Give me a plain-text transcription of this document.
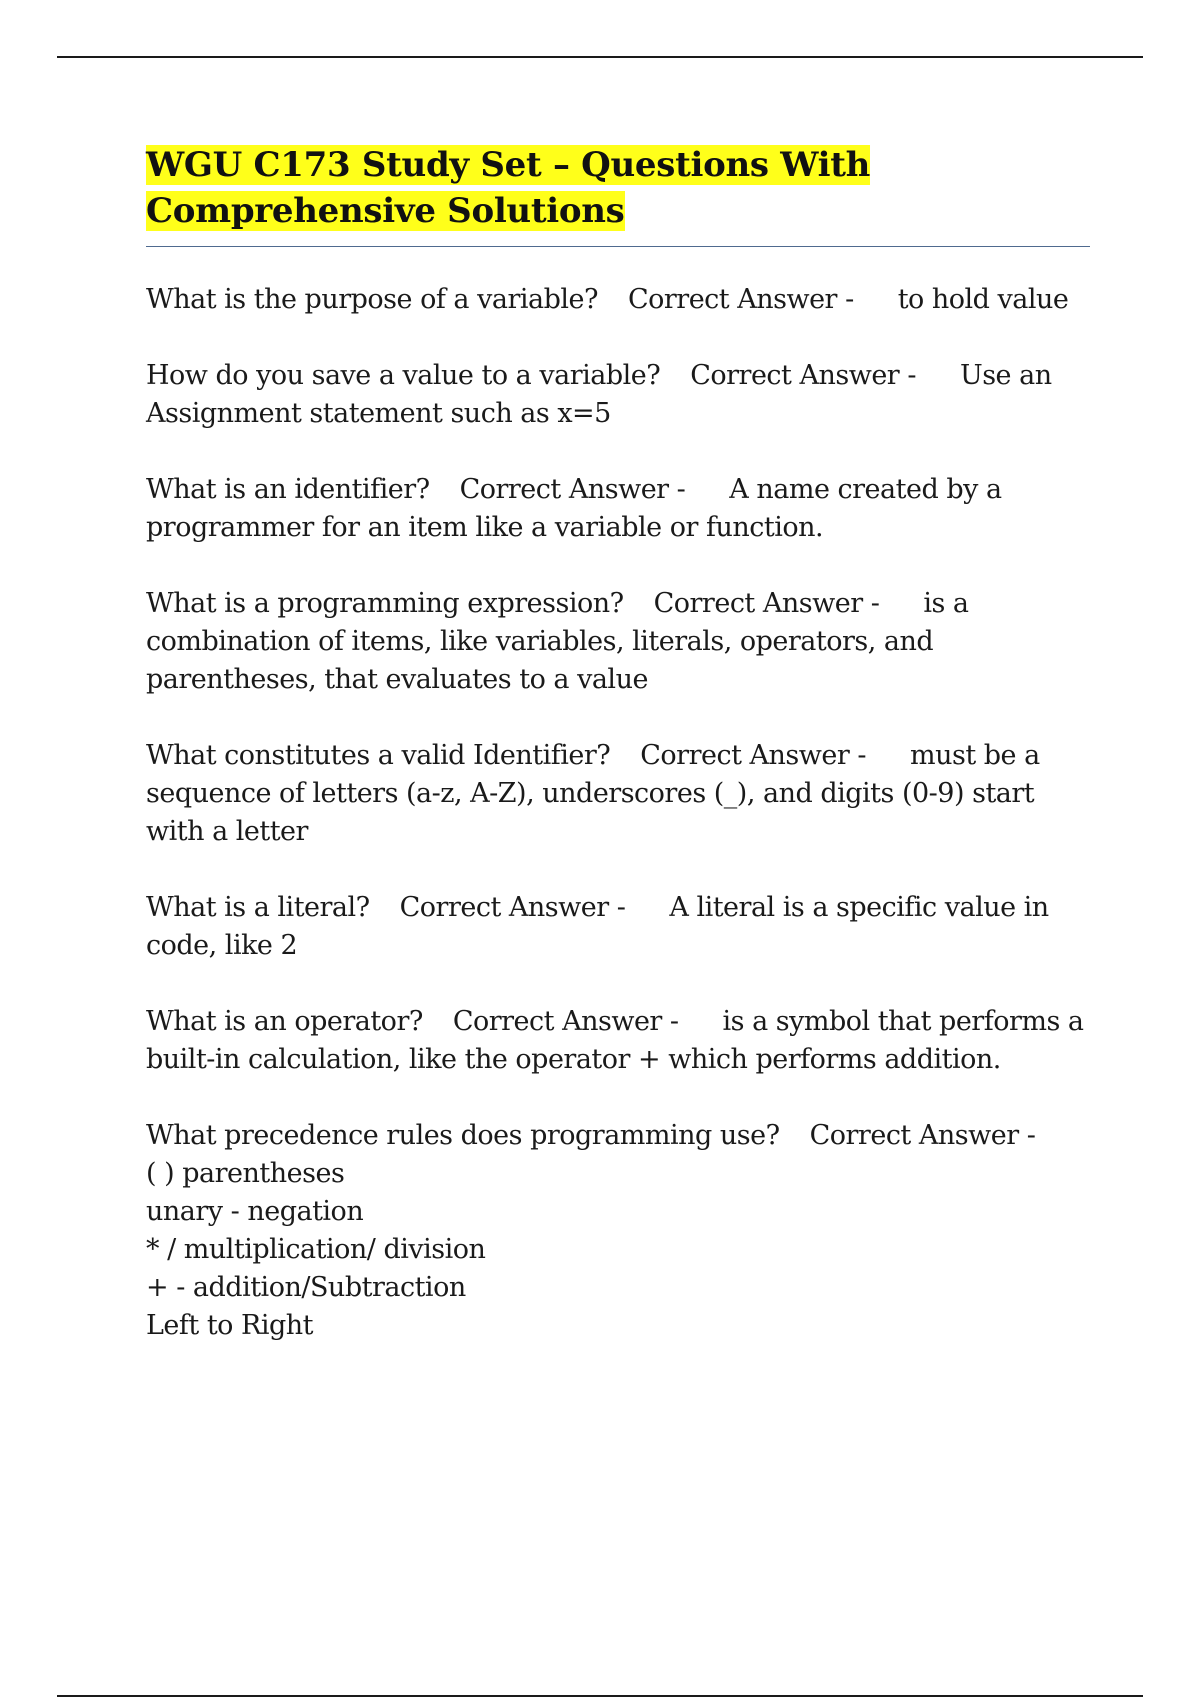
WGU C173 Study Set – Questions With Comprehensive Solutions

What is the purpose of a variable? Correct Answer - to hold value

How do you save a value to a variable? Correct Answer - Use an Assignment statement such as x=5

What is an identifier? Correct Answer - A name created by a programmer for an item like a variable or function.

What is a programming expression? Correct Answer - is a combination of items, like variables, literals, operators, and parentheses, that evaluates to a value

What constitutes a valid Identifier? Correct Answer - must be a sequence of letters (a-z, A-Z), underscores (_), and digits (0-9) start with a letter

What is a literal? Correct Answer - A literal is a specific value in code, like 2

What is an operator? Correct Answer - is a symbol that performs a built-in calculation, like the operator + which performs addition.

What precedence rules does programming use? Correct Answer -
( ) parentheses
unary - negation
* / multiplication/ division
+ - addition/Subtraction
Left to Right
